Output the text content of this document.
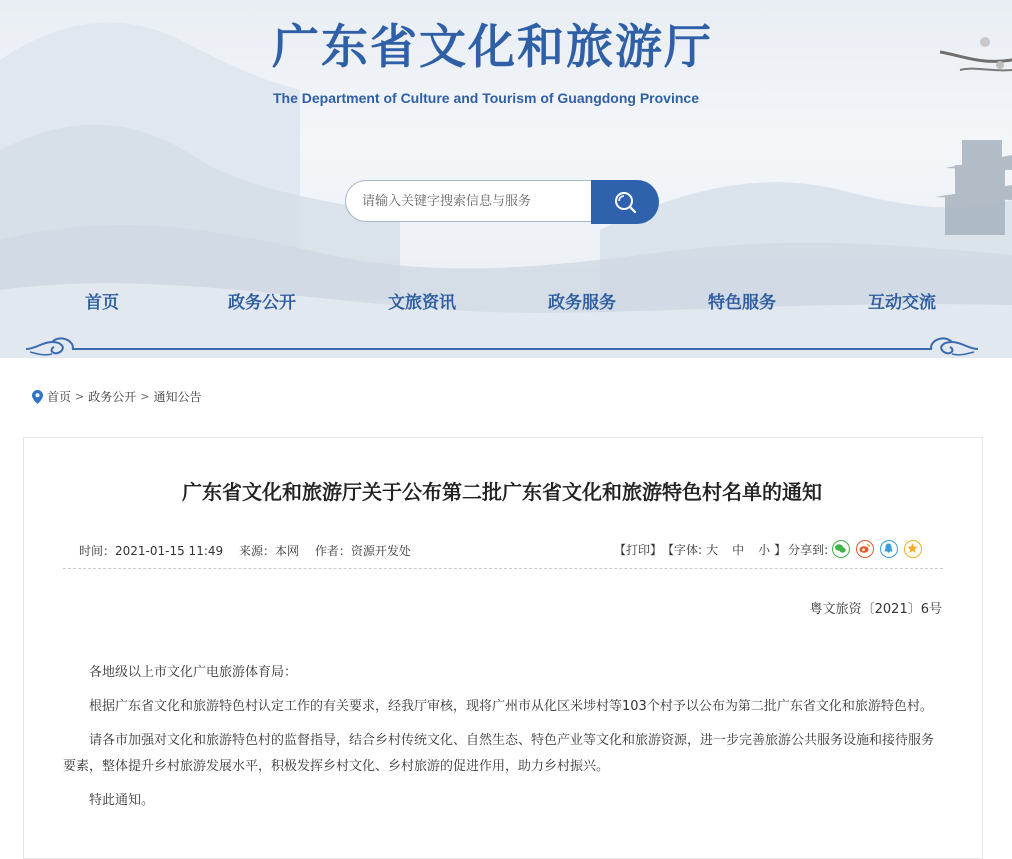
广东省文化和旅游厅
The Department of Culture and Tourism of Guangdong Province
请输入关键字搜索信息与服务
首页	政务公开	文旅资讯	政务服务	特色服务	互动交流
首页 > 政务公开 > 通知公告
广东省文化和旅游厅关于公布第二批广东省文化和旅游特色村名单的通知
时间：2021-01-15 11:49 来源：本网 作者：资源开发处	【打印】 【字体: 大 中 小 】 分享到:
粤文旅资〔2021〕6号

各地级以上市文化广电旅游体育局：

根据广东省文化和旅游特色村认定工作的有关要求，经我厅审核，现将广州市从化区米埗村等103个村予以公布为第二批广东省文化和旅游特色村。

请各市加强对文化和旅游特色村的监督指导，结合乡村传统文化、自然生态、特色产业等文化和旅游资源，进一步完善旅游公共服务设施和接待服务要素，整体提升乡村旅游发展水平，积极发挥乡村文化、乡村旅游的促进作用，助力乡村振兴。

特此通知。
